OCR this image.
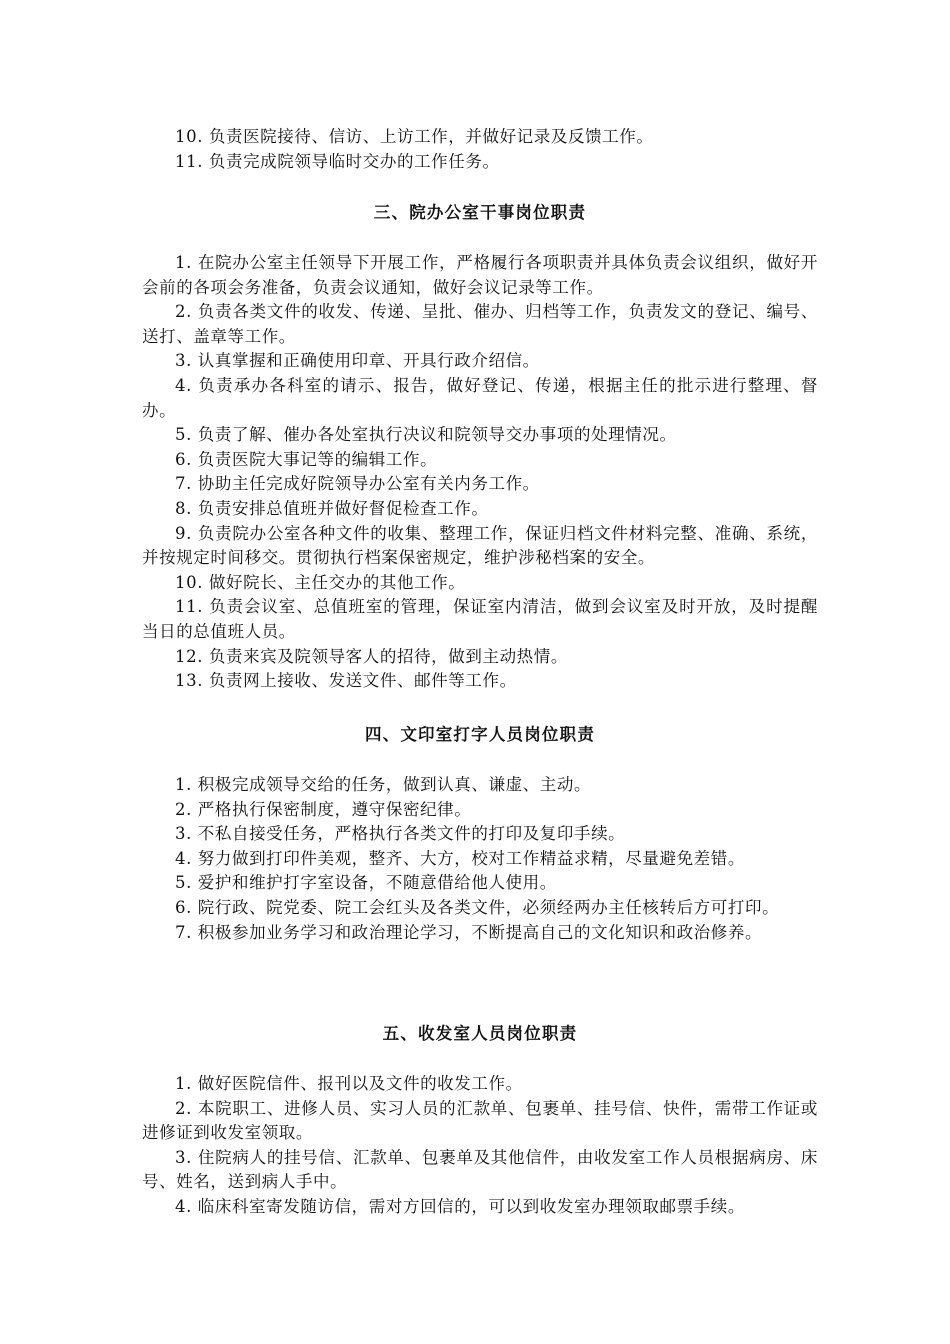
10. 负责医院接待、信访、上访工作，并做好记录及反馈工作。

11. 负责完成院领导临时交办的工作任务。

三、院办公室干事岗位职责

1. 在院办公室主任领导下开展工作，严格履行各项职责并具体负责会议组织，做好开会前的各项会务准备，负责会议通知，做好会议记录等工作。

2. 负责各类文件的收发、传递、呈批、催办、归档等工作，负责发文的登记、编号、送打、盖章等工作。

3. 认真掌握和正确使用印章、开具行政介绍信。

4. 负责承办各科室的请示、报告，做好登记、传递，根据主任的批示进行整理、督办。

5. 负责了解、催办各处室执行决议和院领导交办事项的处理情况。

6. 负责医院大事记等的编辑工作。

7. 协助主任完成好院领导办公室有关内务工作。

8. 负责安排总值班并做好督促检查工作。

9. 负责院办公室各种文件的收集、整理工作，保证归档文件材料完整、准确、系统，并按规定时间移交。贯彻执行档案保密规定，维护涉秘档案的安全。

10. 做好院长、主任交办的其他工作。

11. 负责会议室、总值班室的管理，保证室内清洁，做到会议室及时开放，及时提醒当日的总值班人员。

12. 负责来宾及院领导客人的招待，做到主动热情。

13. 负责网上接收、发送文件、邮件等工作。

四、文印室打字人员岗位职责

1. 积极完成领导交给的任务，做到认真、谦虚、主动。

2. 严格执行保密制度，遵守保密纪律。

3. 不私自接受任务，严格执行各类文件的打印及复印手续。

4. 努力做到打印件美观，整齐、大方，校对工作精益求精，尽量避免差错。

5. 爱护和维护打字室设备，不随意借给他人使用。

6. 院行政、院党委、院工会红头及各类文件，必须经两办主任核转后方可打印。

7. 积极参加业务学习和政治理论学习，不断提高自己的文化知识和政治修养。

五、收发室人员岗位职责

1. 做好医院信件、报刊以及文件的收发工作。

2. 本院职工、进修人员、实习人员的汇款单、包裹单、挂号信、快件，需带工作证或进修证到收发室领取。

3. 住院病人的挂号信、汇款单、包裹单及其他信件，由收发室工作人员根据病房、床号、姓名，送到病人手中。

4. 临床科室寄发随访信，需对方回信的，可以到收发室办理领取邮票手续。
